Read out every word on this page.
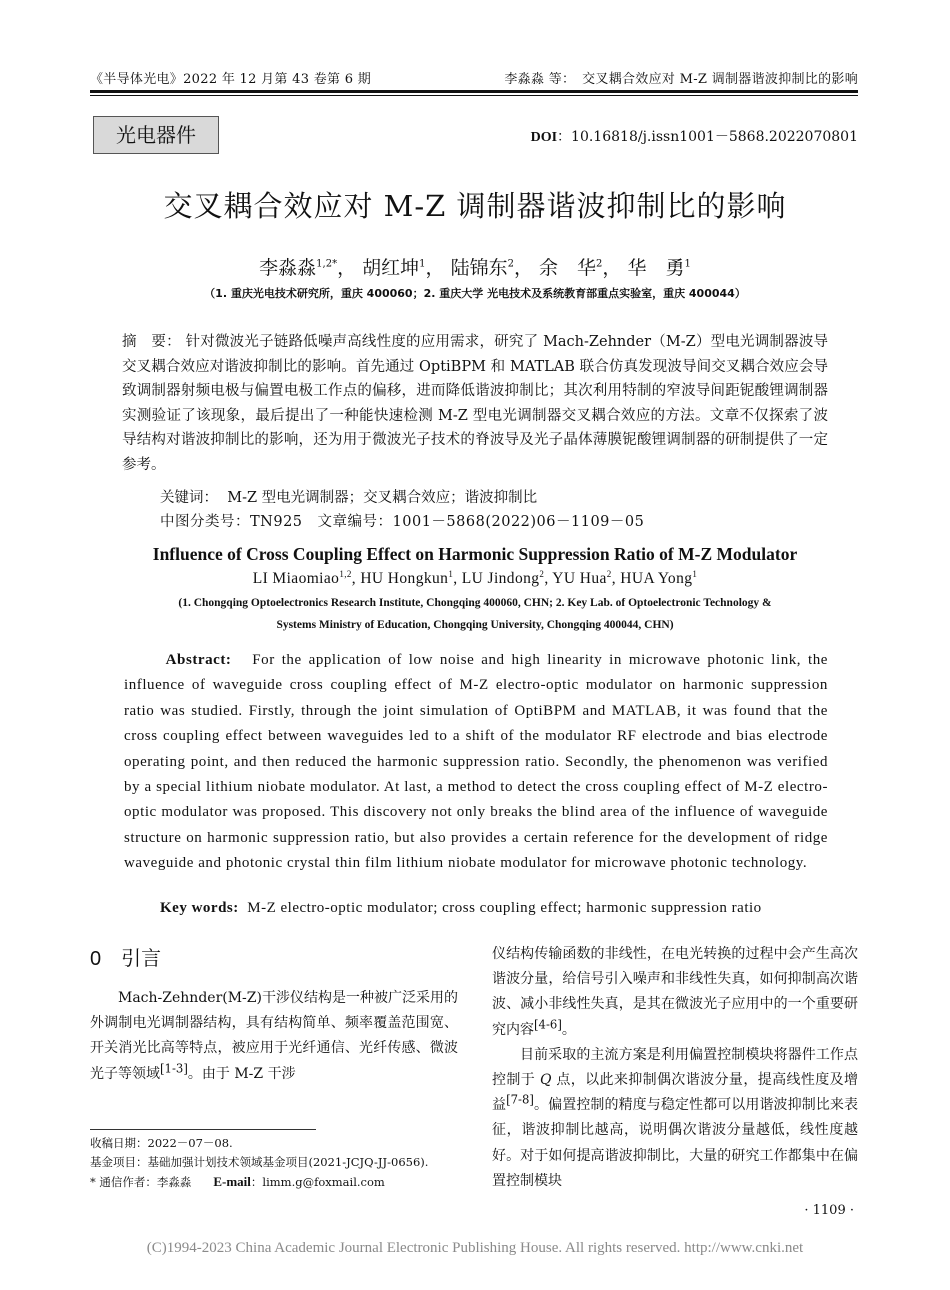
《半导体光电》2022 年 12 月第 43 卷第 6 期	李淼淼 等：　交叉耦合效应对 M-Z 调制器谐波抑制比的影响
光电器件	DOI：10.16818/j.issn1001－5868.2022070801
交叉耦合效应对 M-Z 调制器谐波抑制比的影响
李淼淼$^{1,2*}$， 胡红坤$^1$， 陆锦东$^2$， 余　华$^2$， 华　勇$^1$
（1. 重庆光电技术研究所，重庆 400060；2. 重庆大学 光电技术及系统教育部重点实验室，重庆 400044）
摘　要： 针对微波光子链路低噪声高线性度的应用需求，研究了 Mach-Zehnder（M-Z）型电光调制器波导交叉耦合效应对谐波抑制比的影响。首先通过 OptiBPM 和 MATLAB 联合仿真发现波导间交叉耦合效应会导致调制器射频电极与偏置电极工作点的偏移，进而降低谐波抑制比；其次利用特制的窄波导间距铌酸锂调制器实测验证了该现象，最后提出了一种能快速检测 M-Z 型电光调制器交叉耦合效应的方法。文章不仅探索了波导结构对谐波抑制比的影响，还为用于微波光子技术的脊波导及光子晶体薄膜铌酸锂调制器的研制提供了一定参考。
关键词： M-Z 型电光调制器；交叉耦合效应；谐波抑制比
中图分类号：TN925　文章编号：1001－5868(2022)06－1109－05
Influence of Cross Coupling Effect on Harmonic Suppression Ratio of M-Z Modulator
LI Miaomiao$^{1,2}$, HU Hongkun$^1$, LU Jindong$^2$, YU Hua$^2$, HUA Yong$^1$
(1. Chongqing Optoelectronics Research Institute, Chongqing 400060, CHN; 2. Key Lab. of Optoelectronic Technology &
Systems Ministry of Education, Chongqing University, Chongqing 400044, CHN)
Abstract: For the application of low noise and high linearity in microwave photonic link, the influence of waveguide cross coupling effect of M-Z electro-optic modulator on harmonic suppression ratio was studied. Firstly, through the joint simulation of OptiBPM and MATLAB, it was found that the cross coupling effect between waveguides led to a shift of the modulator RF electrode and bias electrode operating point, and then reduced the harmonic suppression ratio. Secondly, the phenomenon was verified by a special lithium niobate modulator. At last, a method to detect the cross coupling effect of M-Z electro-optic modulator was proposed. This discovery not only breaks the blind area of the influence of waveguide structure on harmonic suppression ratio, but also provides a certain reference for the development of ridge waveguide and photonic crystal thin film lithium niobate modulator for microwave photonic technology.
Key words: M-Z electro-optic modulator; cross coupling effect; harmonic suppression ratio
0 引言

Mach-Zehnder(M-Z)干涉仪结构是一种被广泛采用的外调制电光调制器结构，具有结构简单、频率覆盖范围宽、开关消光比高等特点，被应用于光纤通信、光纤传感、微波光子等领域[1-3]。由于 M-Z 干涉

仪结构传输函数的非线性，在电光转换的过程中会产生高次谐波分量，给信号引入噪声和非线性失真，如何抑制高次谐波、减小非线性失真，是其在微波光子应用中的一个重要研究内容[4-6]。

目前采取的主流方案是利用偏置控制模块将器件工作点控制于 Q 点，以此来抑制偶次谐波分量，提高线性度及增益[7-8]。偏置控制的精度与稳定性都可以用谐波抑制比来表征，谐波抑制比越高，说明偶次谐波分量越低，线性度越好。对于如何提高谐波抑制比，大量的研究工作都集中在偏置控制模块

收稿日期：2022－07－08.
基金项目：基础加强计划技术领域基金项目(2021-JCJQ-JJ-0656).
* 通信作者：李淼淼 E-mail：limm.g@foxmail.com
· 1109 ·
(C)1994-2023 China Academic Journal Electronic Publishing House. All rights reserved. http://www.cnki.net
